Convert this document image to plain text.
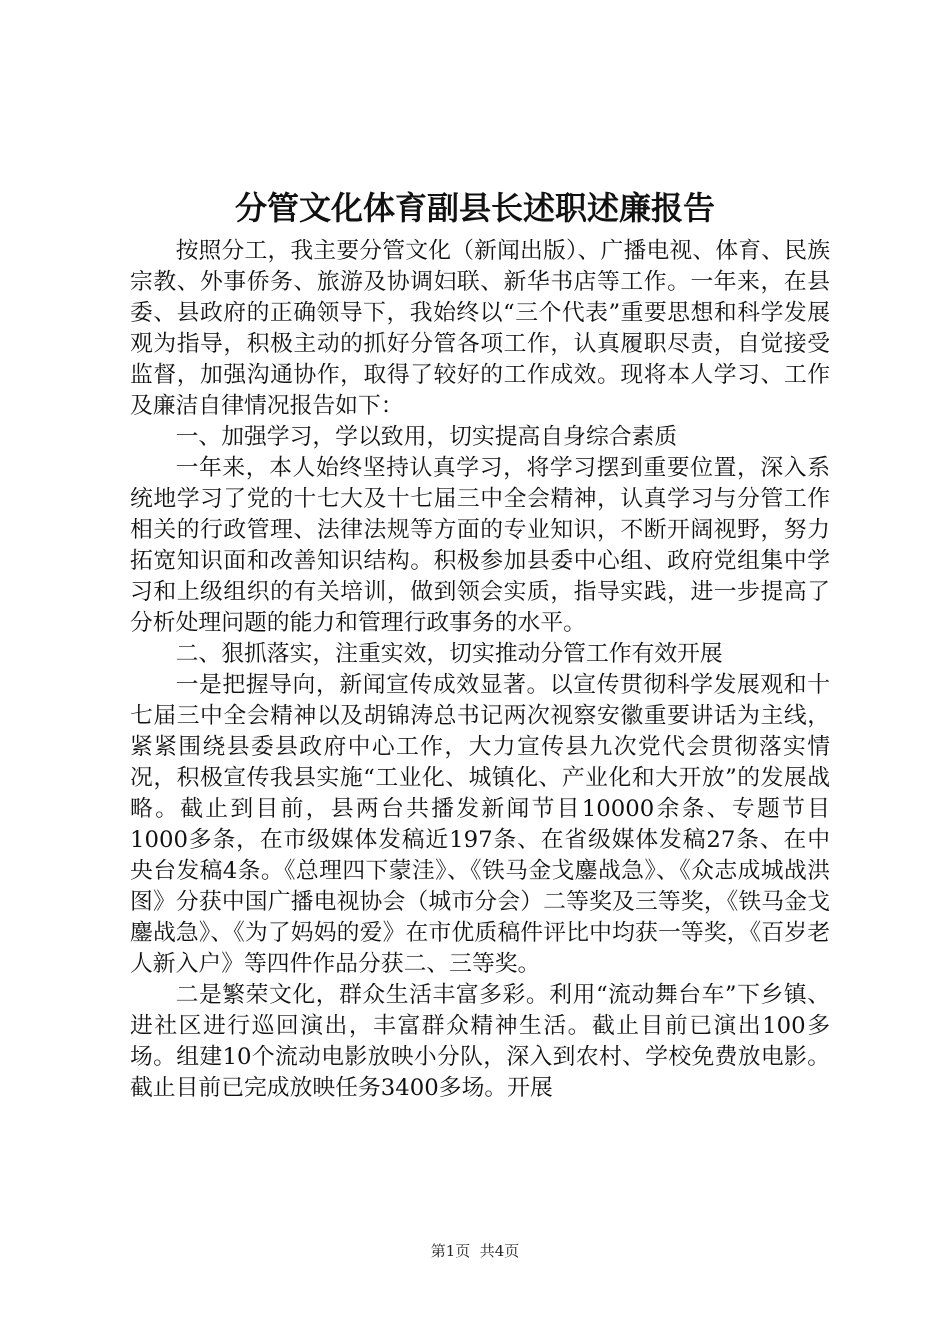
分管文化体育副县长述职述廉报告

按照分工，我主要分管文化（新闻出版）、广播电视、体育、民族宗教、外事侨务、旅游及协调妇联、新华书店等工作。一年来，在县委、县政府的正确领导下，我始终以“三个代表”重要思想和科学发展观为指导，积极主动的抓好分管各项工作，认真履职尽责，自觉接受监督，加强沟通协作，取得了较好的工作成效。现将本人学习、工作及廉洁自律情况报告如下：

一、加强学习，学以致用，切实提高自身综合素质

一年来，本人始终坚持认真学习，将学习摆到重要位置，深入系统地学习了党的十七大及十七届三中全会精神，认真学习与分管工作相关的行政管理、法律法规等方面的专业知识，不断开阔视野，努力拓宽知识面和改善知识结构。积极参加县委中心组、政府党组集中学习和上级组织的有关培训，做到领会实质，指导实践，进一步提高了分析处理问题的能力和管理行政事务的水平。

二、狠抓落实，注重实效，切实推动分管工作有效开展

一是把握导向，新闻宣传成效显著。以宣传贯彻科学发展观和十七届三中全会精神以及胡锦涛总书记两次视察安徽重要讲话为主线，紧紧围绕县委县政府中心工作，大力宣传县九次党代会贯彻落实情况，积极宣传我县实施“工业化、城镇化、产业化和大开放”的发展战略。截止到目前，县两台共播发新闻节目10000余条、专题节目1000多条，在市级媒体发稿近197条、在省级媒体发稿27条、在中央台发稿4条。《总理四下蒙洼》、《铁马金戈鏖战急》、《众志成城战洪图》分获中国广播电视协会（城市分会）二等奖及三等奖，《铁马金戈鏖战急》、《为了妈妈的爱》在市优质稿件评比中均获一等奖，《百岁老人新入户》等四件作品分获二、三等奖。

二是繁荣文化，群众生活丰富多彩。利用“流动舞台车”下乡镇、进社区进行巡回演出，丰富群众精神生活。截止目前已演出100多场。组建10个流动电影放映小分队，深入到农村、学校免费放电影。截止目前已完成放映任务3400多场。开展

第1页  共4页
